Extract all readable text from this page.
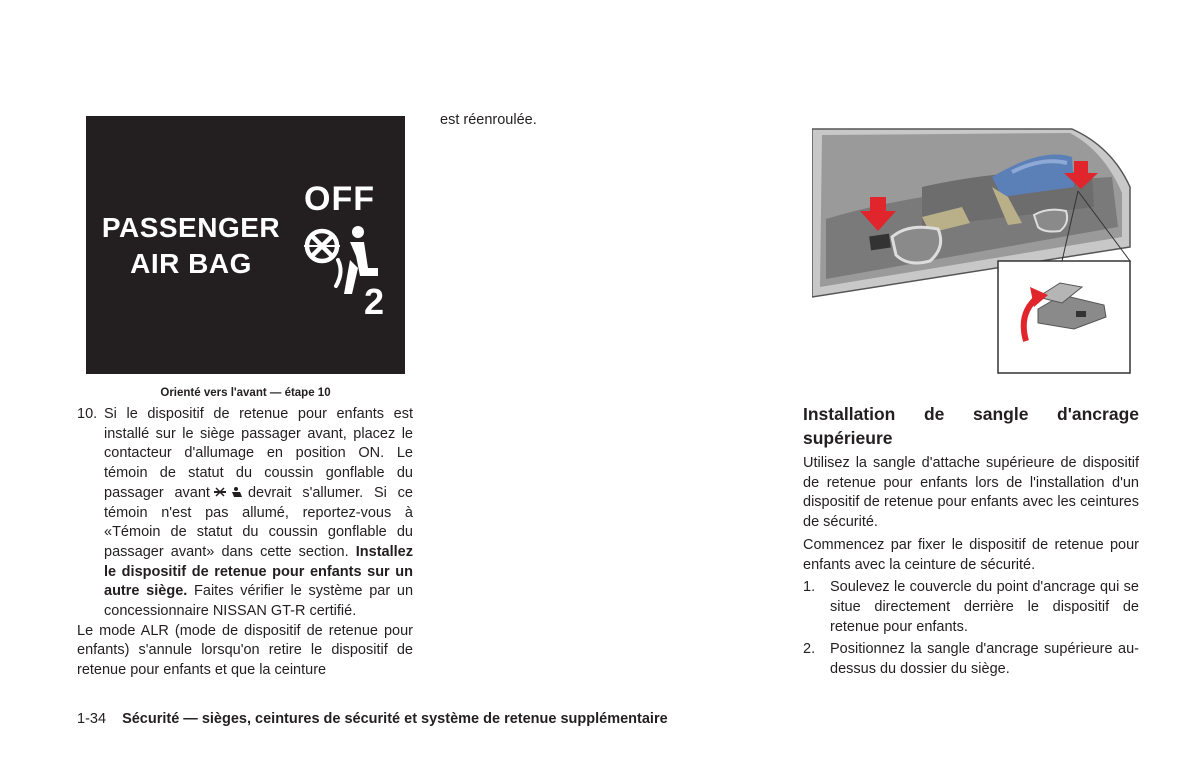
PASSENGER
AIR BAG
OFF
2
Orienté vers l'avant — étape 10
10. Si le dispositif de retenue pour enfants est installé sur le siège passager avant, placez le contacteur d'allumage en position ON. Le témoin de statut du coussin gonflable du passager avant	devrait s'allumer. Si ce témoin n'est pas allumé, reportez-vous à «Témoin de statut du coussin gonflable du passager avant» dans cette section. Installez le dispositif de retenue pour enfants sur un autre siège. Faites vérifier le système par un concessionnaire NISSAN GT-R certifié.

Le mode ALR (mode de dispositif de retenue pour enfants) s'annule lorsqu'on retire le dispositif de retenue pour enfants et que la ceinture

est réenroulée.
Installation de sangle d'ancrage supérieure

Utilisez la sangle d'attache supérieure de dispositif de retenue pour enfants lors de l'installation d'un dispositif de retenue pour enfants avec les ceintures de sécurité.

Commencez par fixer le dispositif de retenue pour enfants avec la ceinture de sécurité.

1.	Soulevez le couvercle du point d'ancrage qui se situe directement derrière le dispositif de retenue pour enfants.
2.	Positionnez la sangle d'ancrage supérieure au-dessus du dossier du siège.
1-34 Sécurité — sièges, ceintures de sécurité et système de retenue supplémentaire
